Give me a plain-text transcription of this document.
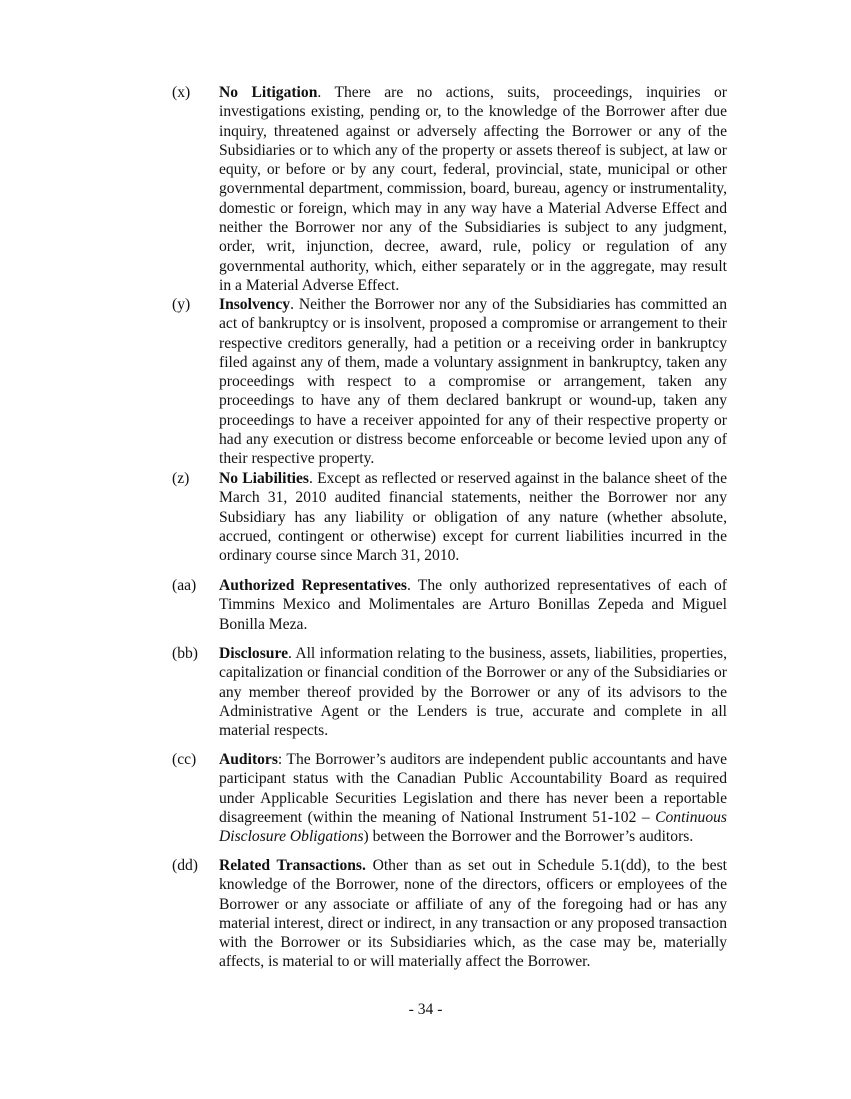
(x) No Litigation. There are no actions, suits, proceedings, inquiries or investigations existing, pending or, to the knowledge of the Borrower after due inquiry, threatened against or adversely affecting the Borrower or any of the Subsidiaries or to which any of the property or assets thereof is subject, at law or equity, or before or by any court, federal, provincial, state, municipal or other governmental department, commission, board, bureau, agency or instrumentality, domestic or foreign, which may in any way have a Material Adverse Effect and neither the Borrower nor any of the Subsidiaries is subject to any judgment, order, writ, injunction, decree, award, rule, policy or regulation of any governmental authority, which, either separately or in the aggregate, may result in a Material Adverse Effect.
(y) Insolvency. Neither the Borrower nor any of the Subsidiaries has committed an act of bankruptcy or is insolvent, proposed a compromise or arrangement to their respective creditors generally, had a petition or a receiving order in bankruptcy filed against any of them, made a voluntary assignment in bankruptcy, taken any proceedings with respect to a compromise or arrangement, taken any proceedings to have any of them declared bankrupt or wound-up, taken any proceedings to have a receiver appointed for any of their respective property or had any execution or distress become enforceable or become levied upon any of their respective property.
(z) No Liabilities. Except as reflected or reserved against in the balance sheet of the March 31, 2010 audited financial statements, neither the Borrower nor any Subsidiary has any liability or obligation of any nature (whether absolute, accrued, contingent or otherwise) except for current liabilities incurred in the ordinary course since March 31, 2010.
(aa) Authorized Representatives. The only authorized representatives of each of Timmins Mexico and Molimentales are Arturo Bonillas Zepeda and Miguel Bonilla Meza.
(bb) Disclosure. All information relating to the business, assets, liabilities, properties, capitalization or financial condition of the Borrower or any of the Subsidiaries or any member thereof provided by the Borrower or any of its advisors to the Administrative Agent or the Lenders is true, accurate and complete in all material respects.
(cc) Auditors: The Borrower’s auditors are independent public accountants and have participant status with the Canadian Public Accountability Board as required under Applicable Securities Legislation and there has never been a reportable disagreement (within the meaning of National Instrument 51-102 – Continuous Disclosure Obligations) between the Borrower and the Borrower’s auditors.
(dd) Related Transactions. Other than as set out in Schedule 5.1(dd), to the best knowledge of the Borrower, none of the directors, officers or employees of the Borrower or any associate or affiliate of any of the foregoing had or has any material interest, direct or indirect, in any transaction or any proposed transaction with the Borrower or its Subsidiaries which, as the case may be, materially affects, is material to or will materially affect the Borrower.
- 34 -
